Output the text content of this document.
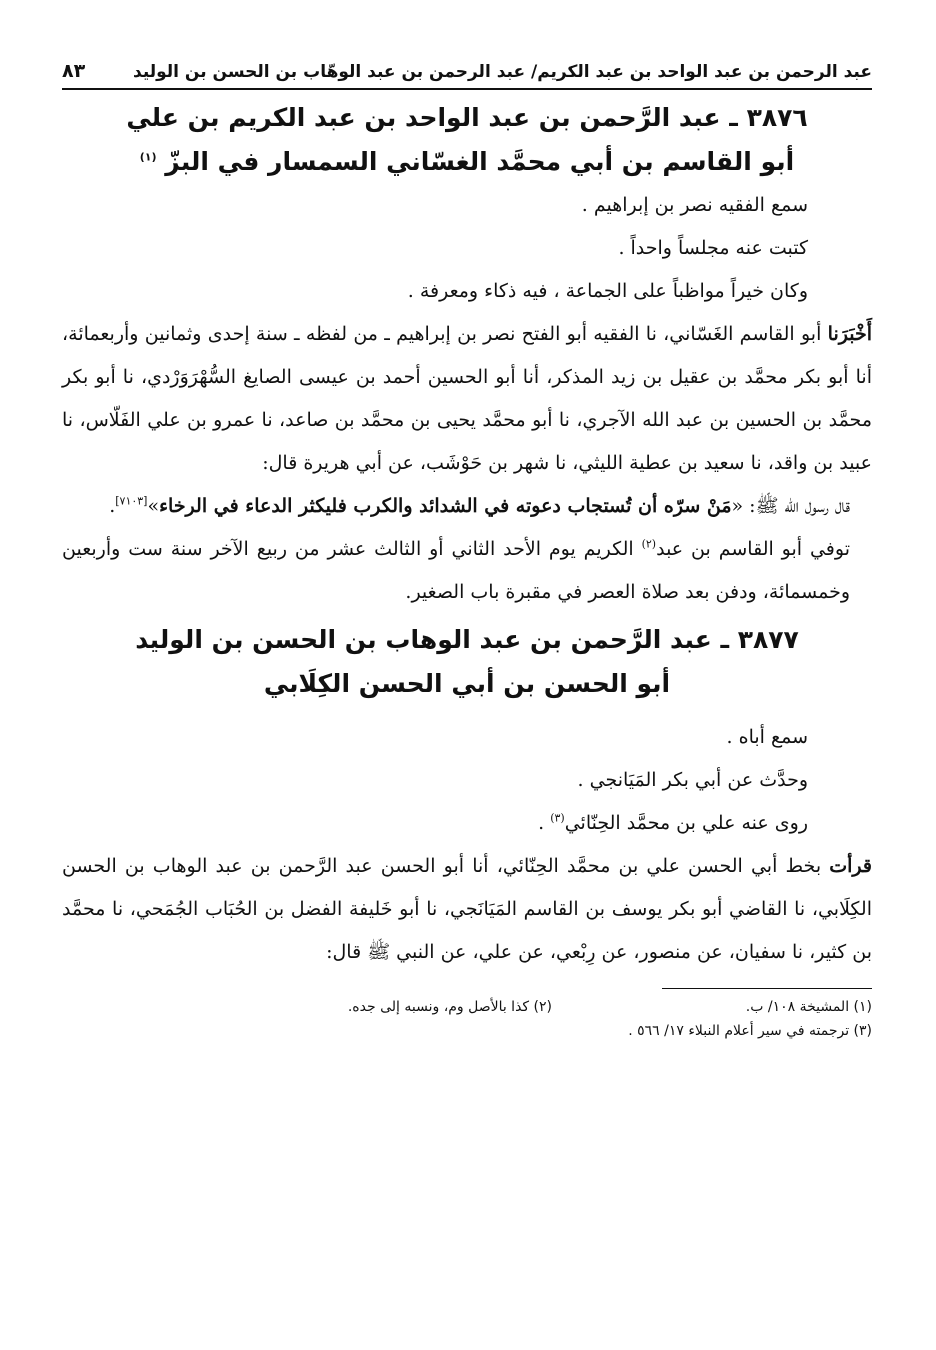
عبد الرحمن بن عبد الواحد بن عبد الكريم/ عبد الرحمن بن عبد الوهّاب بن الحسن بن الوليد
٨٣

٣٨٧٦ ـ عبد الرَّحمن بن عبد الواحد بن عبد الكريم بن علي

أبو القاسم بن أبي محمَّد الغسّاني السمسار في البزّ $^{(١)}$

سمع الفقيه نصر بن إبراهيم .

كتبت عنه مجلساً واحداً .

وكان خيراً مواظباً على الجماعة ، فيه ذكاء ومعرفة .

أَخْبَرَنا أبو القاسم الغَسّاني، نا الفقيه أبو الفتح نصر بن إبراهيم ـ من لفظه ـ سنة إحدى وثمانين وأربعمائة، أنا أبو بكر محمَّد بن عقيل بن زيد المذكر، أنا أبو الحسين أحمد بن عيسى الصايغ السُّهْرَوَرْدي، نا أبو بكر محمَّد بن الحسين بن عبد الله الآجري، نا أبو محمَّد يحيى بن محمَّد بن صاعد، نا عمرو بن علي الفَلّاس، نا عبيد بن واقد، نا سعيد بن عطية الليثي، نا شهر بن حَوْشَب، عن أبي هريرة قال:

قال رسول الله ﷺ: «مَنْ سرّه أن تُستجاب دعوته في الشدائد والكرب فليكثر الدعاء في الرخاء»[٧١٠٣].

توفي أبو القاسم بن عبد$^{(٢)}$ الكريم يوم الأحد الثاني أو الثالث عشر من ربيع الآخر سنة ست وأربعين وخمسمائة، ودفن بعد صلاة العصر في مقبرة باب الصغير.

٣٨٧٧ ـ عبد الرَّحمن بن عبد الوهاب بن الحسن بن الوليد

أبو الحسن بن أبي الحسن الكِلَابي

سمع أباه .

وحدَّث عن أبي بكر المَيَانجي .

روى عنه علي بن محمَّد الحِنّائي$^{(٣)}$ .

قرأت بخط أبي الحسن علي بن محمَّد الحِنّائي، أنا أبو الحسن عبد الرَّحمن بن عبد الوهاب بن الحسن الكِلَابي، نا القاضي أبو بكر يوسف بن القاسم المَيَانَجي، نا أبو خَليفة الفضل بن الحُبَاب الجُمَحي، نا محمَّد بن كثير، نا سفيان، عن منصور، عن رِبْعي، عن علي، عن النبي ﷺ قال:

(١) المشيخة ١٠٨/ ب.
(٢) كذا بالأصل وم، ونسبه إلى جده.

(٣) ترجمته في سير أعلام النبلاء ١٧/ ٥٦٦ .
